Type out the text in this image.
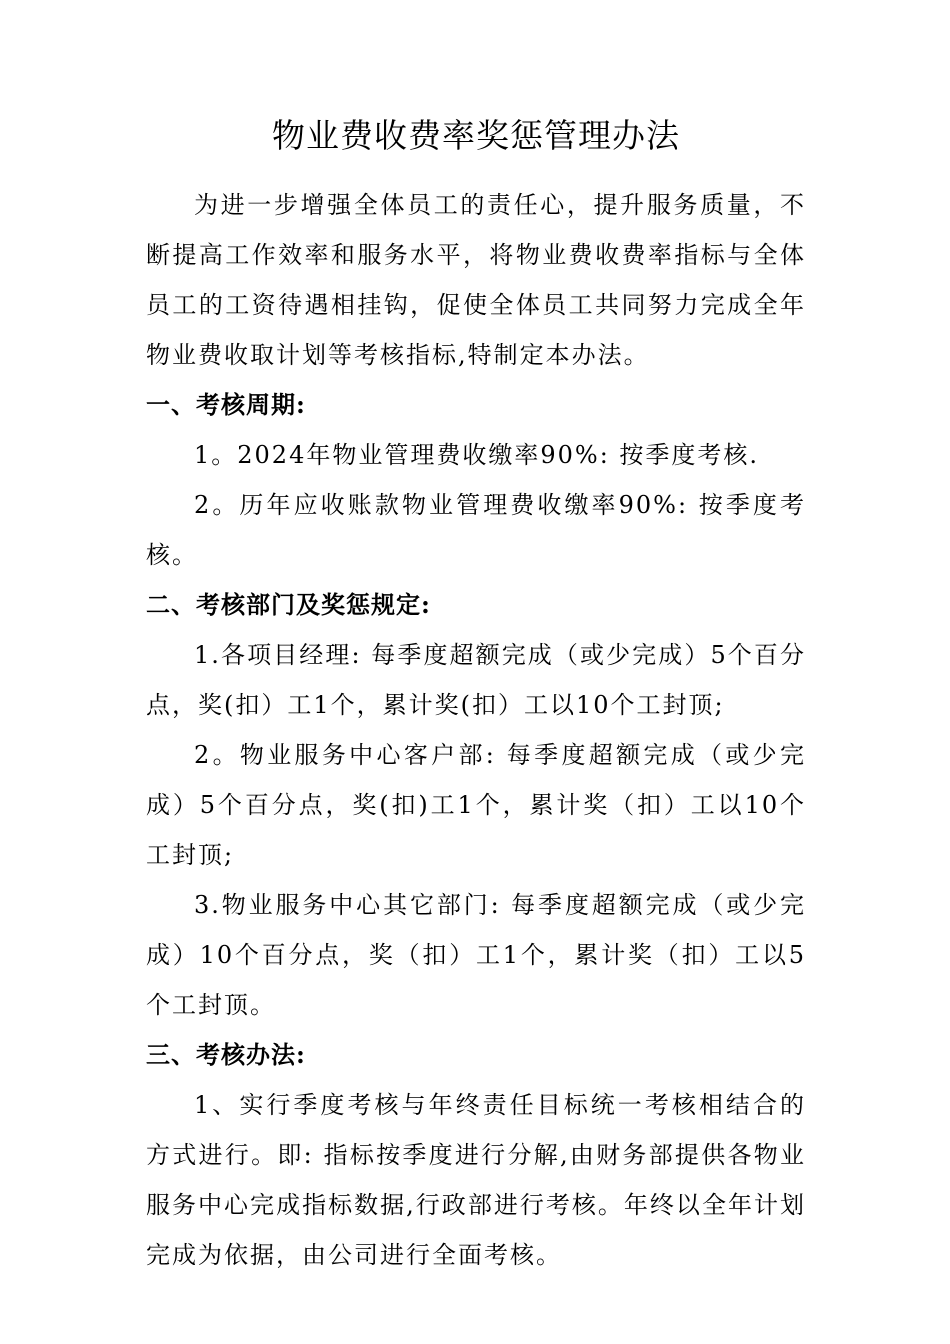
物业费收费率奖惩管理办法

为进一步增强全体员工的责任心，提升服务质量，不断提高工作效率和服务水平，将物业费收费率指标与全体员工的工资待遇相挂钩，促使全体员工共同努力完成全年物业费收取计划等考核指标,特制定本办法。

一、考核周期:

1。2024年物业管理费收缴率90%: 按季度考核.

2。历年应收账款物业管理费收缴率90%: 按季度考核。

二、考核部门及奖惩规定:

1.各项目经理: 每季度超额完成（或少完成）5个百分点，奖(扣）工1个，累计奖(扣）工以10个工封顶;

2。物业服务中心客户部: 每季度超额完成（或少完成）5个百分点，奖(扣)工1个，累计奖（扣）工以10个工封顶;

3.物业服务中心其它部门: 每季度超额完成（或少完成）10个百分点，奖（扣）工1个，累计奖（扣）工以5个工封顶。

三、考核办法:

1、实行季度考核与年终责任目标统一考核相结合的方式进行。即: 指标按季度进行分解,由财务部提供各物业服务中心完成指标数据,行政部进行考核。年终以全年计划完成为依据，由公司进行全面考核。
